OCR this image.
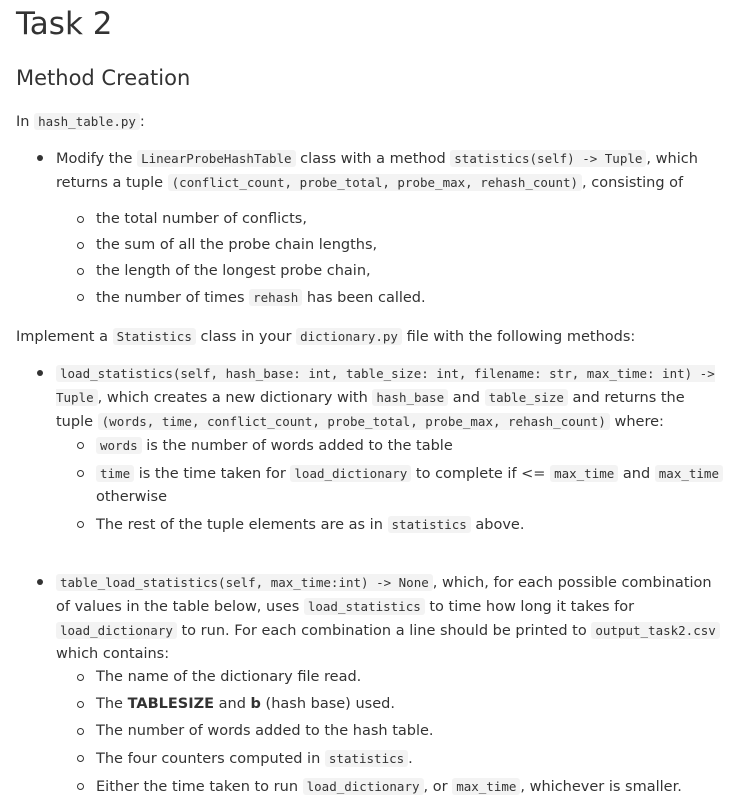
Task 2
Method Creation

In hash_table.py :

Modify the LinearProbeHashTable class with a method statistics(self) -> Tuple , which returns a tuple (conflict_count, probe_total, probe_max, rehash_count) , consisting of
the total number of conflicts,
the sum of all the probe chain lengths,
the length of the longest probe chain,
the number of times rehash has been called.

Implement a Statistics class in your dictionary.py file with the following methods:

load_statistics(self, hash_base: int, table_size: int, filename: str, max_time: int) -> Tuple , which creates a new dictionary with hash_base and table_size and returns the tuple (words, time, conflict_count, probe_total, probe_max, rehash_count) where:
words is the number of words added to the table
time is the time taken for load_dictionary to complete if <= max_time and max_time otherwise
The rest of the tuple elements are as in statistics above.
table_load_statistics(self, max_time:int) -> None , which, for each possible combination of values in the table below, uses load_statistics to time how long it takes for load_dictionary to run. For each combination a line should be printed to output_task2.csv which contains:
The name of the dictionary file read.
The TABLESIZE and b (hash base) used.
The number of words added to the hash table.
The four counters computed in statistics .
Either the time taken to run load_dictionary , or max_time , whichever is smaller.
